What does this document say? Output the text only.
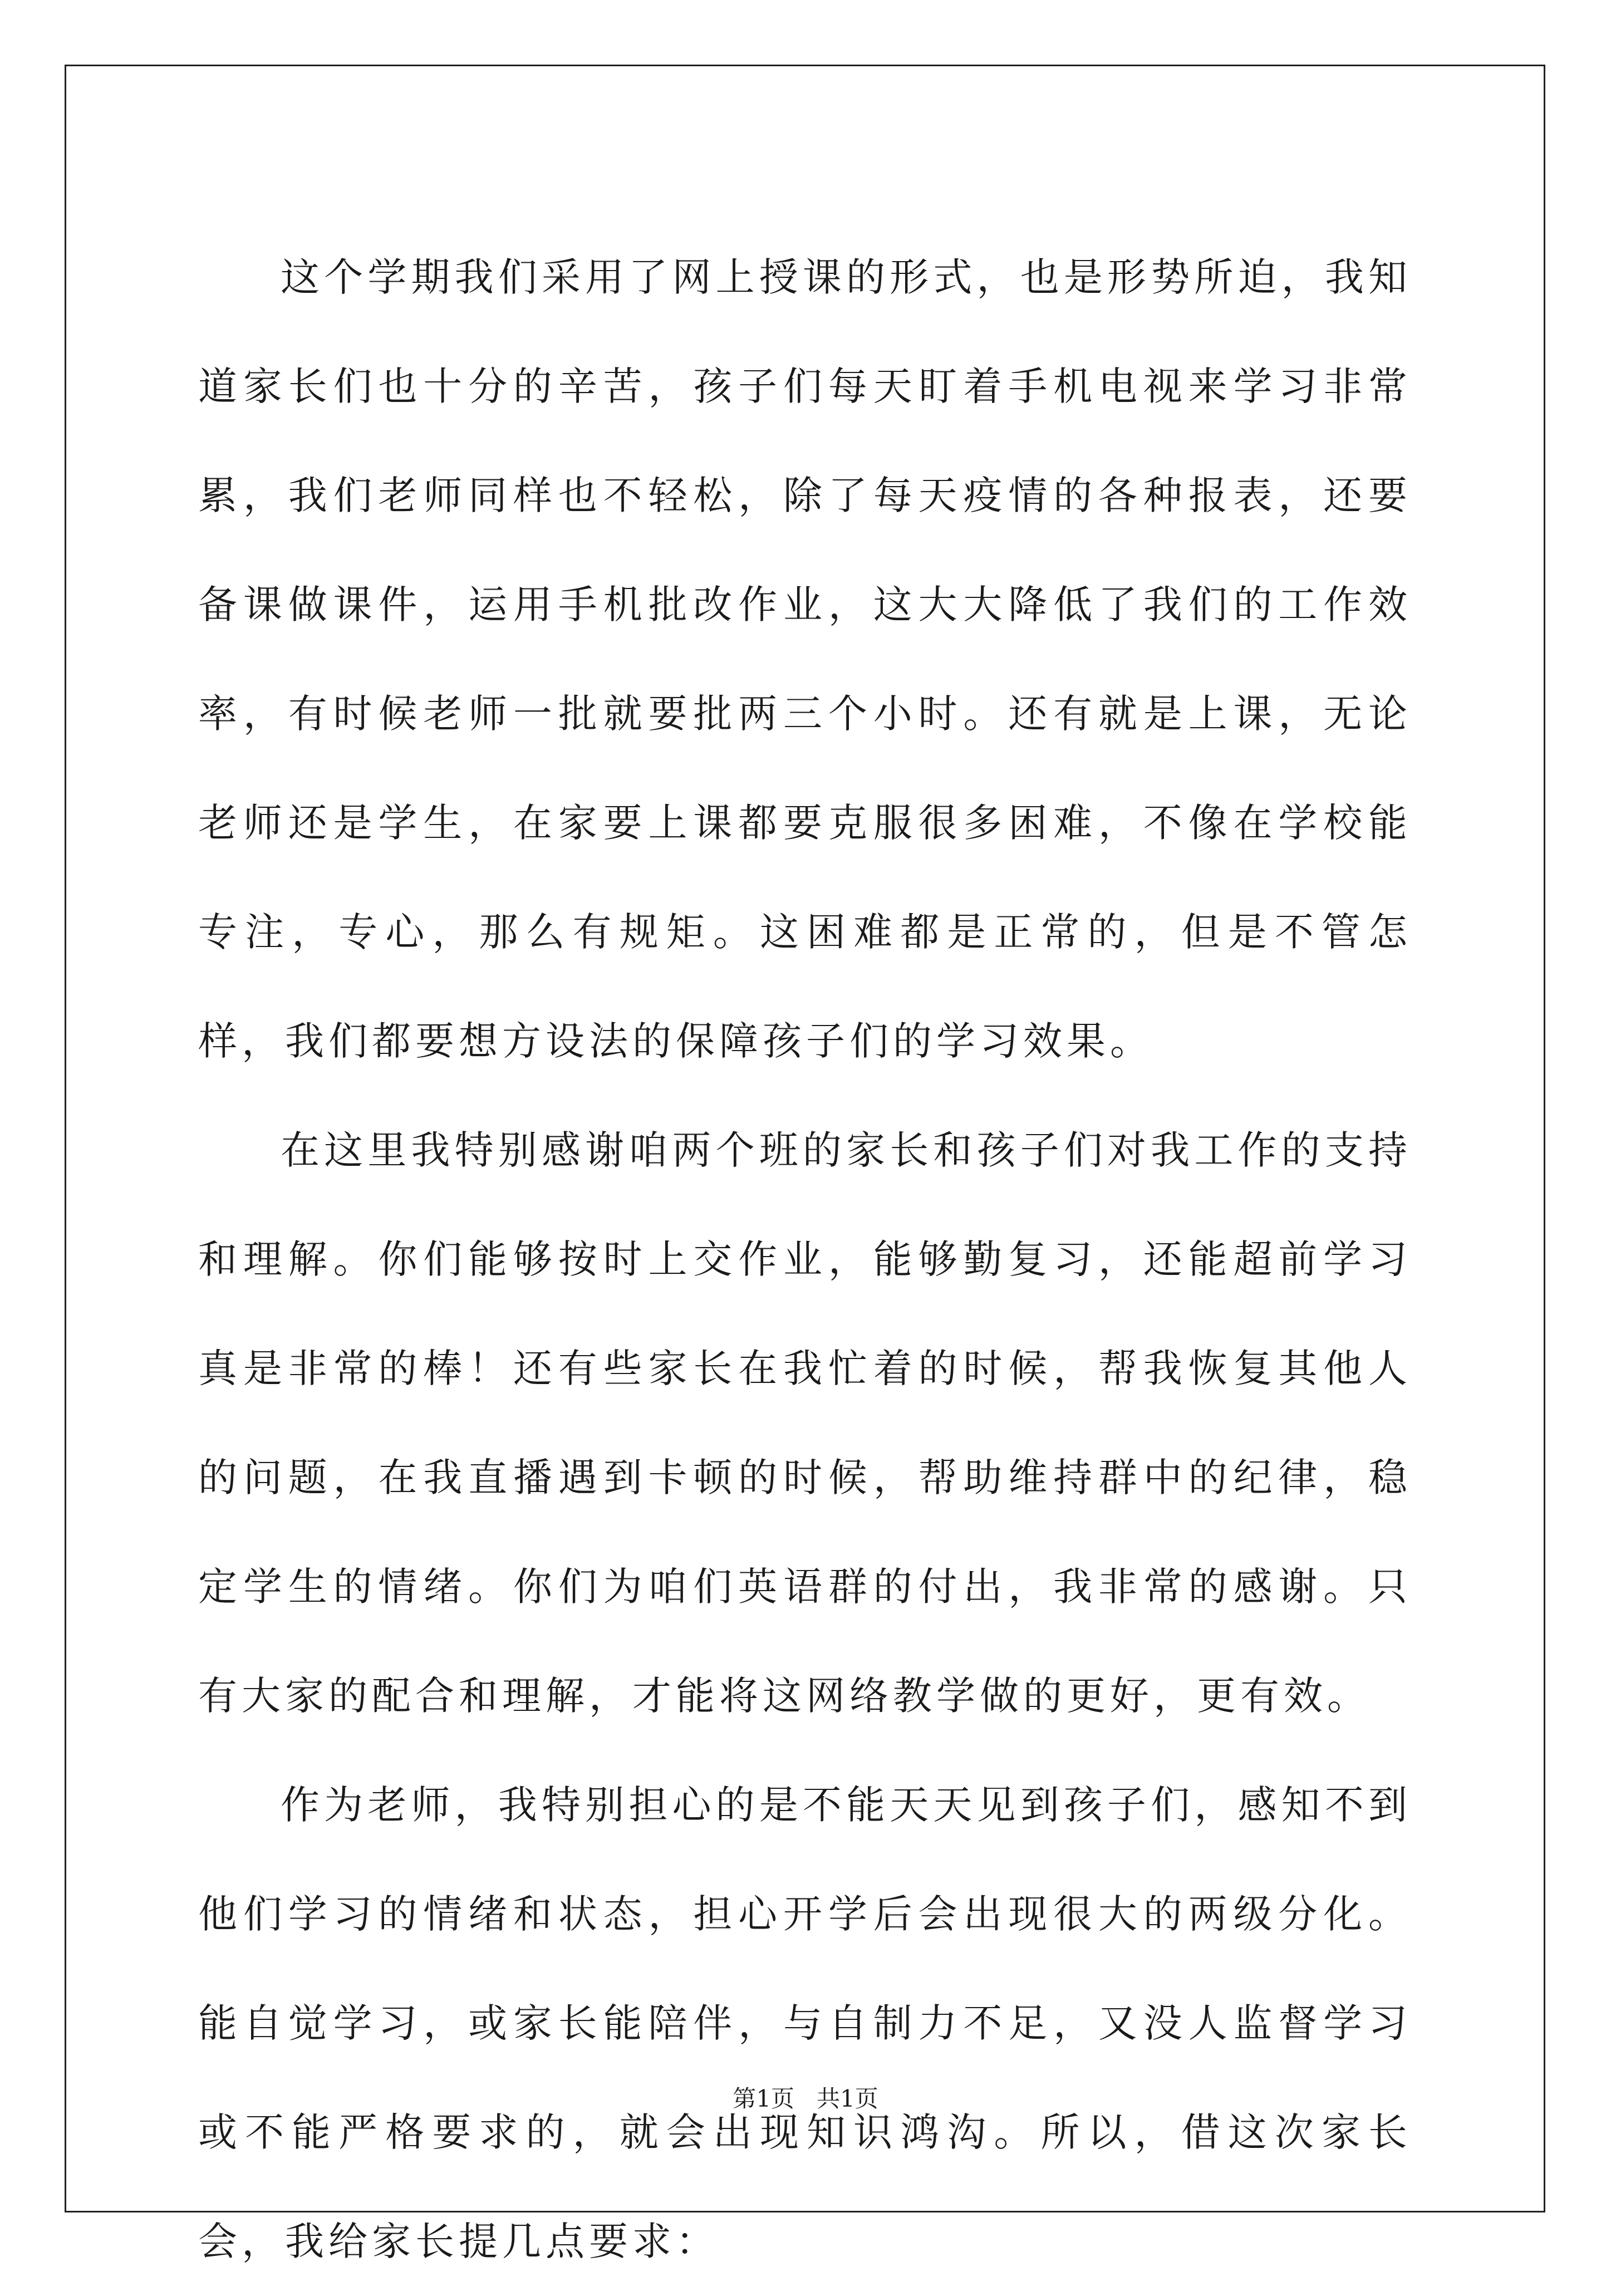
这个学期我们采用了网上授课的形式，也是形势所迫，我知道家长们也十分的辛苦，孩子们每天盯着手机电视来学习非常累，我们老师同样也不轻松，除了每天疫情的各种报表，还要备课做课件，运用手机批改作业，这大大降低了我们的工作效率，有时候老师一批就要批两三个小时。还有就是上课，无论老师还是学生，在家要上课都要克服很多困难，不像在学校能专注，专心，那么有规矩。这困难都是正常的，但是不管怎样，我们都要想方设法的保障孩子们的学习效果。

在这里我特别感谢咱两个班的家长和孩子们对我工作的支持和理解。你们能够按时上交作业，能够勤复习，还能超前学习真是非常的棒！还有些家长在我忙着的时候，帮我恢复其他人的问题，在我直播遇到卡顿的时候，帮助维持群中的纪律，稳定学生的情绪。你们为咱们英语群的付出，我非常的感谢。只有大家的配合和理解，才能将这网络教学做的更好，更有效。

作为老师，我特别担心的是不能天天见到孩子们，感知不到他们学习的情绪和状态，担心开学后会出现很大的两级分化。能自觉学习，或家长能陪伴，与自制力不足，又没人监督学习或不能严格要求的，就会出现知识鸿沟。所以，借这次家长会，我给家长提几点要求：

第1页   共1页
